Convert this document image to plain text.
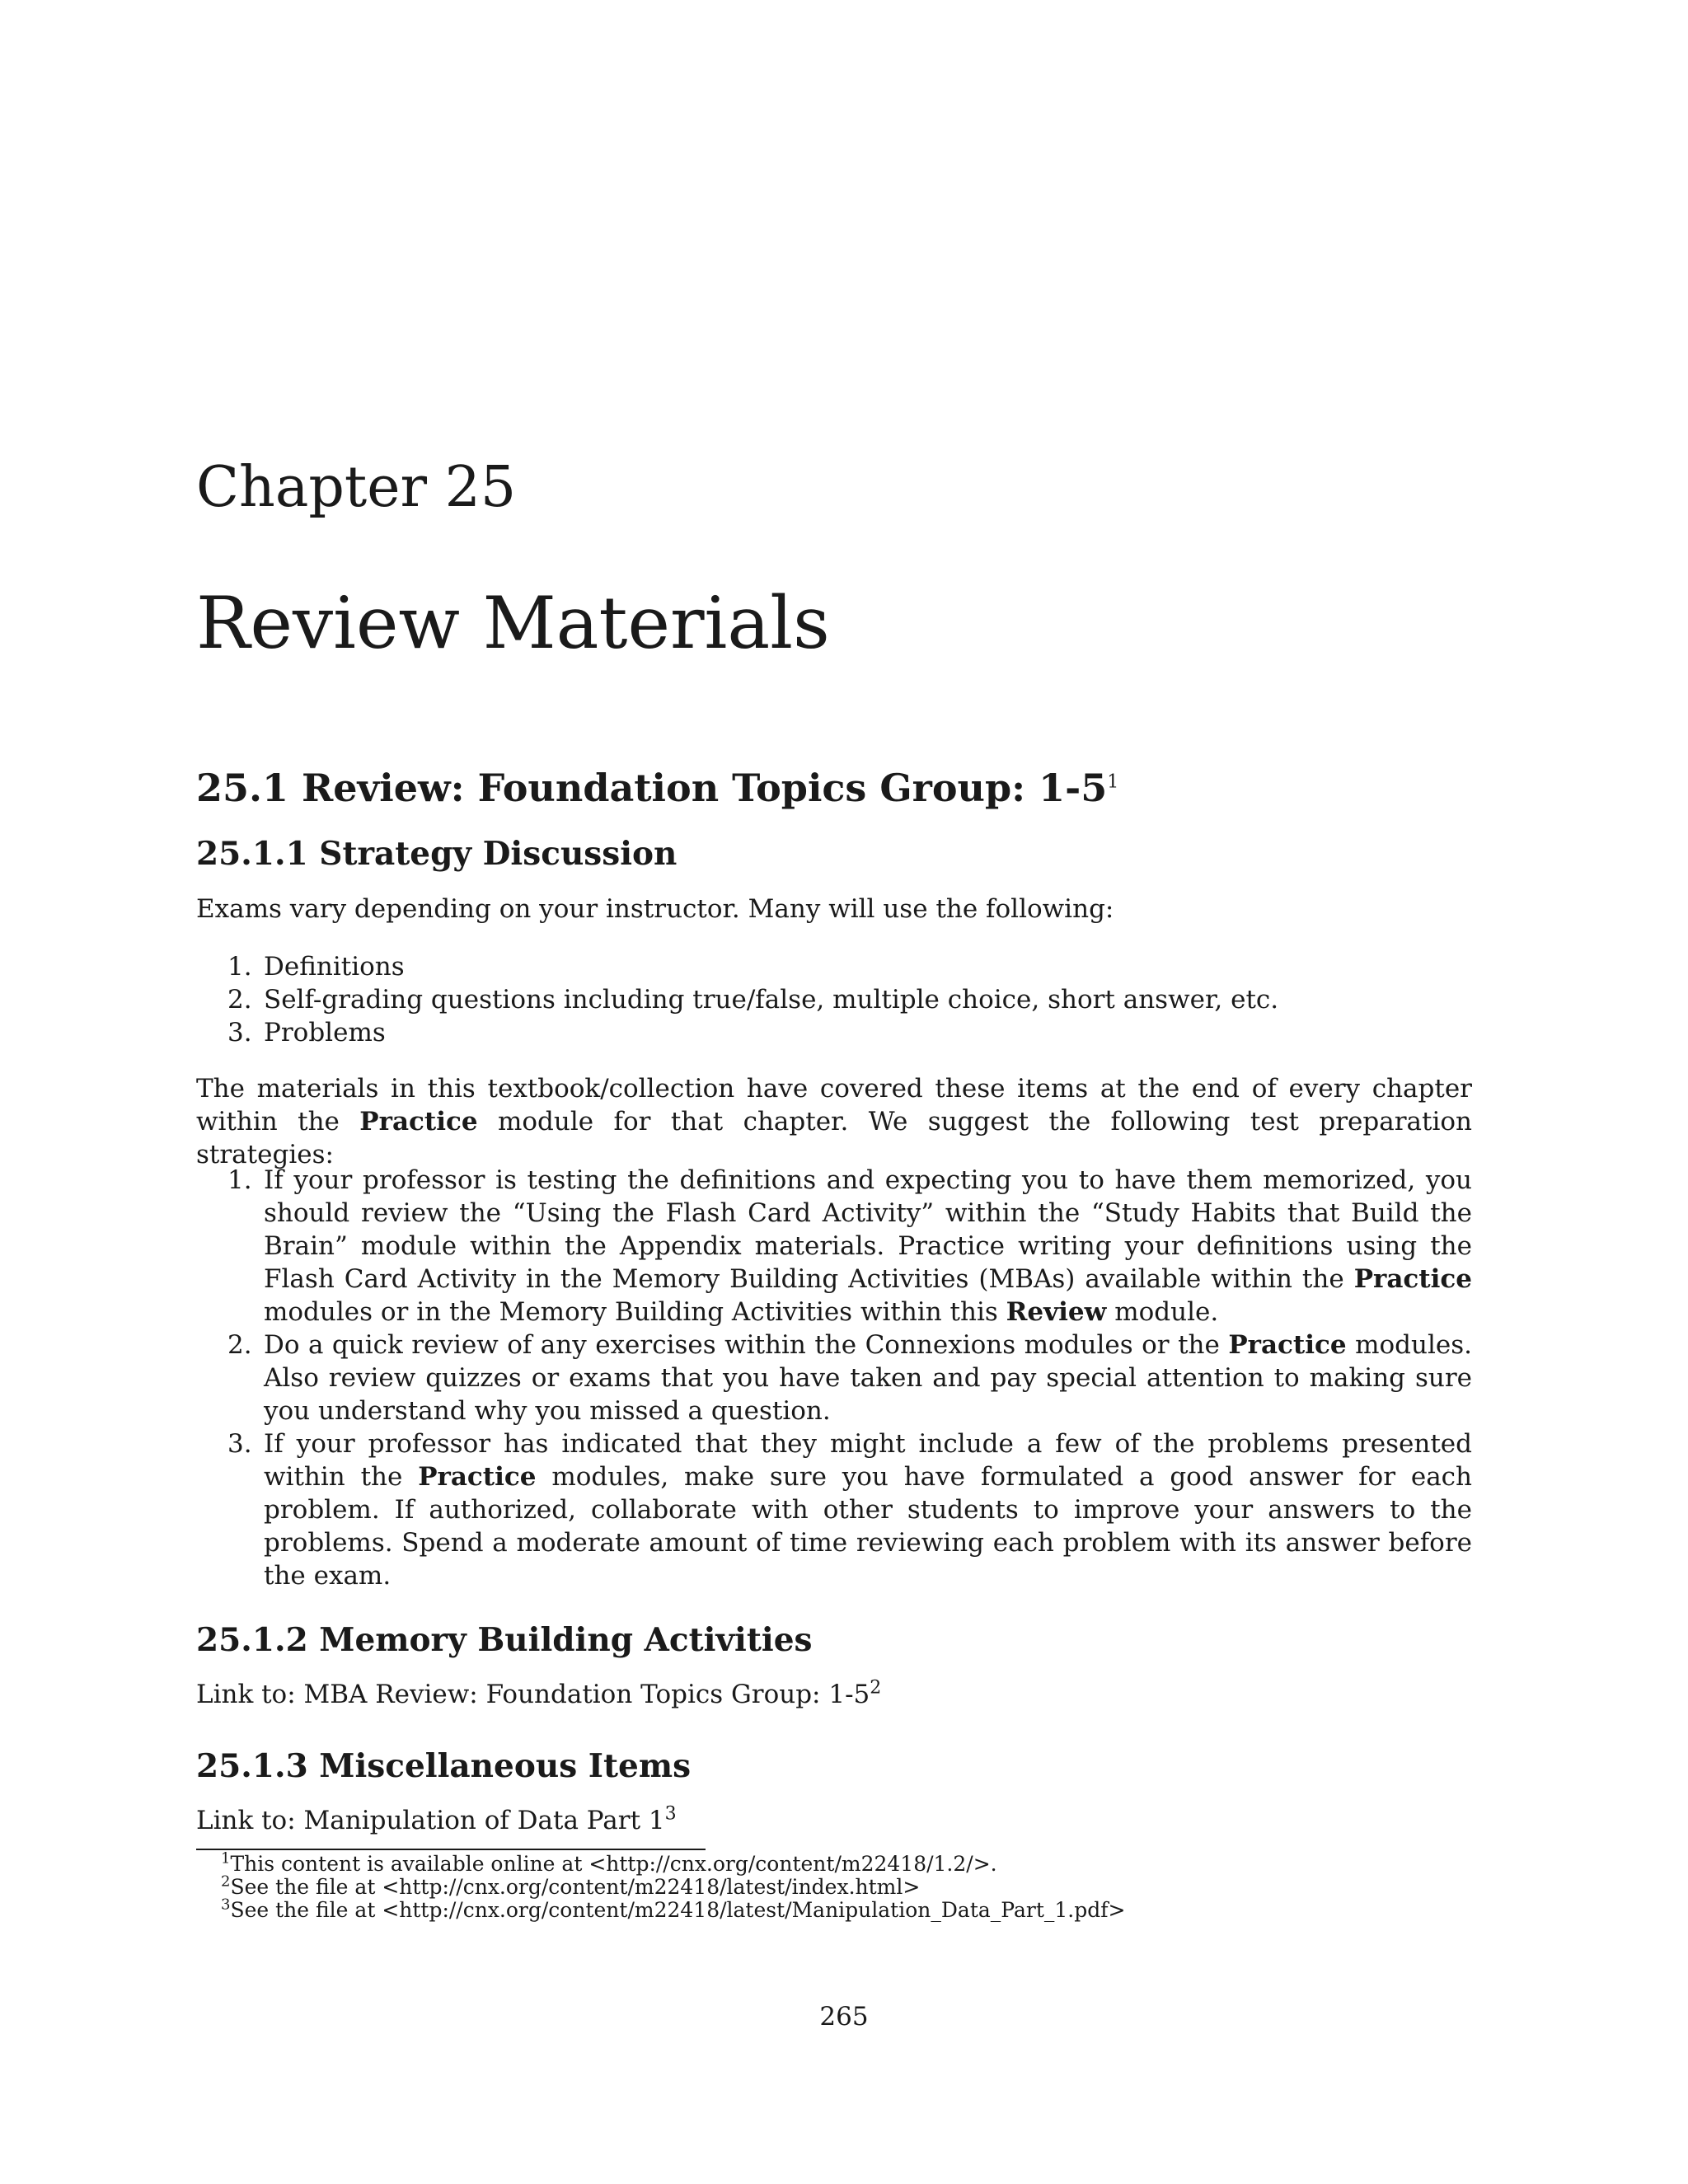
Chapter 25
Review Materials
25.1 Review: Foundation Topics Group: $1-5^1$
25.1.1 Strategy Discussion
Exams vary depending on your instructor. Many will use the following:
1. Definitions
2. Self-grading questions including true/false, multiple choice, short answer, etc.
3. Problems
The materials in this textbook/collection have covered these items at the end of every chapter within the Practice module for that chapter. We suggest the following test preparation strategies:
1. If your professor is testing the definitions and expecting you to have them memorized, you should review the “Using the Flash Card Activity” within the “Study Habits that Build the Brain” module within the Appendix materials. Practice writing your definitions using the Flash Card Activity in the Memory Building Activities (MBAs) available within the Practice modules or in the Memory Building Activities within this Review module.
2. Do a quick review of any exercises within the Connexions modules or the Practice modules. Also review quizzes or exams that you have taken and pay special attention to making sure you understand why you missed a question.
3. If your professor has indicated that they might include a few of the problems presented within the Practice modules, make sure you have formulated a good answer for each problem. If authorized, collaborate with other students to improve your answers to the problems. Spend a moderate amount of time reviewing each problem with its answer before the exam.
25.1.2 Memory Building Activities
Link to: MBA Review: Foundation Topics Group: 1-5$^2$
25.1.3 Miscellaneous Items
Link to: Manipulation of Data Part 1$^3$
$^1$This content is available online at <http://cnx.org/content/m22418/1.2/>.
$^2$See the file at <http://cnx.org/content/m22418/latest/index.html>
$^3$See the file at <http://cnx.org/content/m22418/latest/Manipulation_Data_Part_1.pdf>
265
